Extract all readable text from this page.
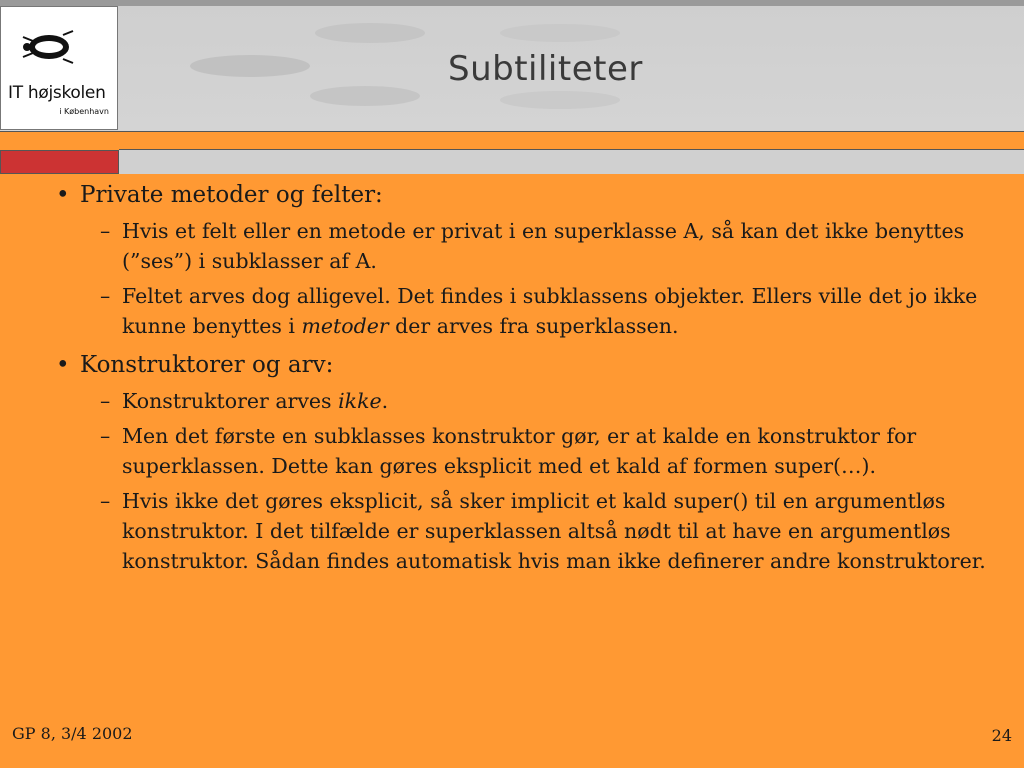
IT højskolen
i København
Subtiliteter
• Private metoder og felter:
– Hvis et felt eller en metode er privat i en superklasse A, så kan det ikke benyttes (”ses”) i subklasser af A.
– Feltet arves dog alligevel. Det findes i subklassens objekter. Ellers ville det jo ikke kunne benyttes i metoder der arves fra superklassen.
• Konstruktorer og arv:
– Konstruktorer arves ikke.
– Men det første en subklasses konstruktor gør, er at kalde en konstruktor for superklassen. Dette kan gøres eksplicit med et kald af formen super(…).
– Hvis ikke det gøres eksplicit, så sker implicit et kald super() til en argumentløs konstruktor. I det tilfælde er superklassen altså nødt til at have en argumentløs konstruktor. Sådan findes automatisk hvis man ikke definerer andre konstruktorer.
GP 8, 3/4 2002	24
